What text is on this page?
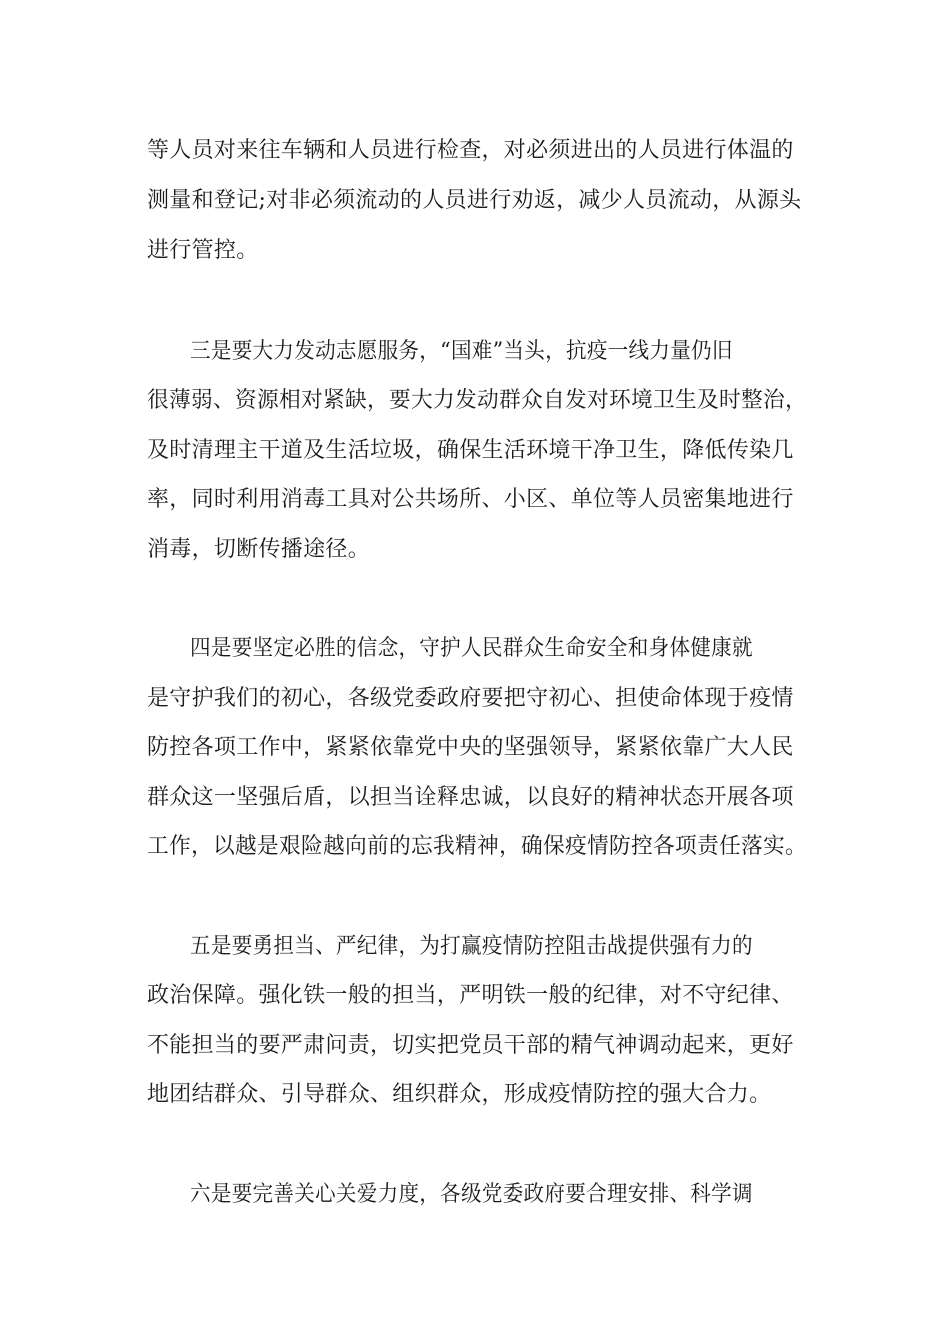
等人员对来往车辆和人员进行检查，对必须进出的人员进行体温的
测量和登记;对非必须流动的人员进行劝返，减少人员流动，从源头
进行管控。
三是要大力发动志愿服务，“国难”当头，抗疫一线力量仍旧
很薄弱、资源相对紧缺，要大力发动群众自发对环境卫生及时整治，
及时清理主干道及生活垃圾，确保生活环境干净卫生，降低传染几
率，同时利用消毒工具对公共场所、小区、单位等人员密集地进行
消毒，切断传播途径。
四是要坚定必胜的信念，守护人民群众生命安全和身体健康就
是守护我们的初心，各级党委政府要把守初心、担使命体现于疫情
防控各项工作中，紧紧依靠党中央的坚强领导，紧紧依靠广大人民
群众这一坚强后盾，以担当诠释忠诚，以良好的精神状态开展各项
工作，以越是艰险越向前的忘我精神，确保疫情防控各项责任落实。
五是要勇担当、严纪律，为打赢疫情防控阻击战提供强有力的
政治保障。强化铁一般的担当，严明铁一般的纪律，对不守纪律、
不能担当的要严肃问责，切实把党员干部的精气神调动起来，更好
地团结群众、引导群众、组织群众，形成疫情防控的强大合力。
六是要完善关心关爱力度，各级党委政府要合理安排、科学调
